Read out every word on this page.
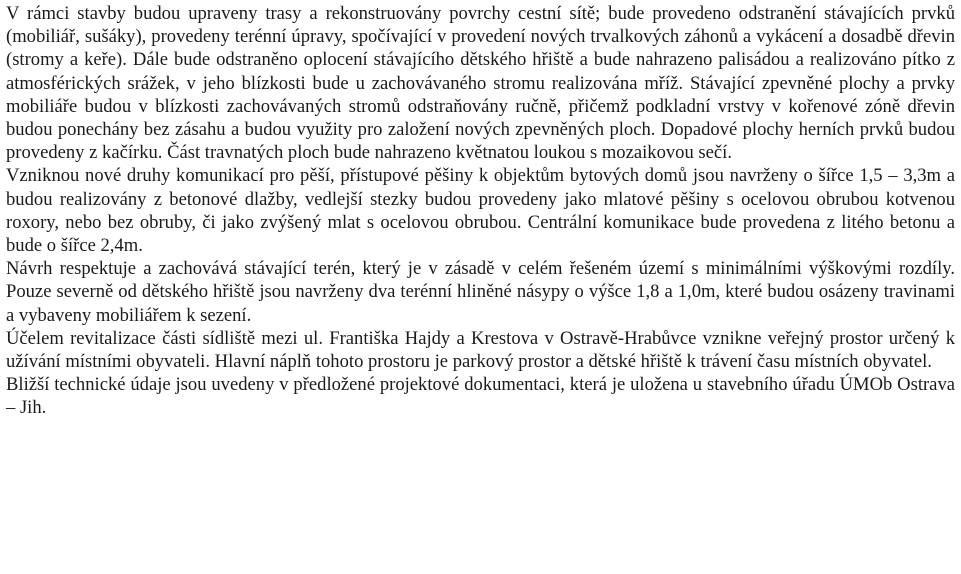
V rámci stavby budou upraveny trasy a rekonstruovány povrchy cestní sítě; bude provedeno odstranění stávajících prvků (mobiliář, sušáky), provedeny terénní úpravy, spočívající v provedení nových trvalkových záhonů a vykácení a dosadbě dřevin (stromy a keře). Dále bude odstraněno oplocení stávajícího dětského hřiště a bude nahrazeno palisádou a realizováno pítko z atmosférických srážek, v jeho blízkosti bude u zachovávaného stromu realizována mříž. Stávající zpevněné plochy a prvky mobiliáře budou v blízkosti zachovávaných stromů odstraňovány ručně, přičemž podkladní vrstvy v kořenové zóně dřevin budou ponechány bez zásahu a budou využity pro založení nových zpevněných ploch. Dopadové plochy herních prvků budou provedeny z kačírku. Část travnatých ploch bude nahrazeno květnatou loukou s mozaikovou sečí.

Vzniknou nové druhy komunikací pro pěší, přístupové pěšiny k objektům bytových domů jsou navrženy o šířce 1,5 – 3,3m a budou realizovány z betonové dlažby, vedlejší stezky budou provedeny jako mlatové pěšiny s ocelovou obrubou kotvenou roxory, nebo bez obruby, či jako zvýšený mlat s ocelovou obrubou. Centrální komunikace bude provedena z litého betonu a bude o šířce 2,4m.

Návrh respektuje a zachovává stávající terén, který je v zásadě v celém řešeném území s minimálními výškovými rozdíly. Pouze severně od dětského hřiště jsou navrženy dva terénní hliněné násypy o výšce 1,8 a 1,0m, které budou osázeny travinami a vybaveny mobiliářem k sezení.

Účelem revitalizace části sídliště mezi ul. Františka Hajdy a Krestova v Ostravě-Hrabůvce vznikne veřejný prostor určený k užívání místními obyvateli. Hlavní náplň tohoto prostoru je parkový prostor a dětské hřiště k trávení času místních obyvatel.

Bližší technické údaje jsou uvedeny v předložené projektové dokumentaci, která je uložena u stavebního úřadu ÚMOb Ostrava – Jih.
